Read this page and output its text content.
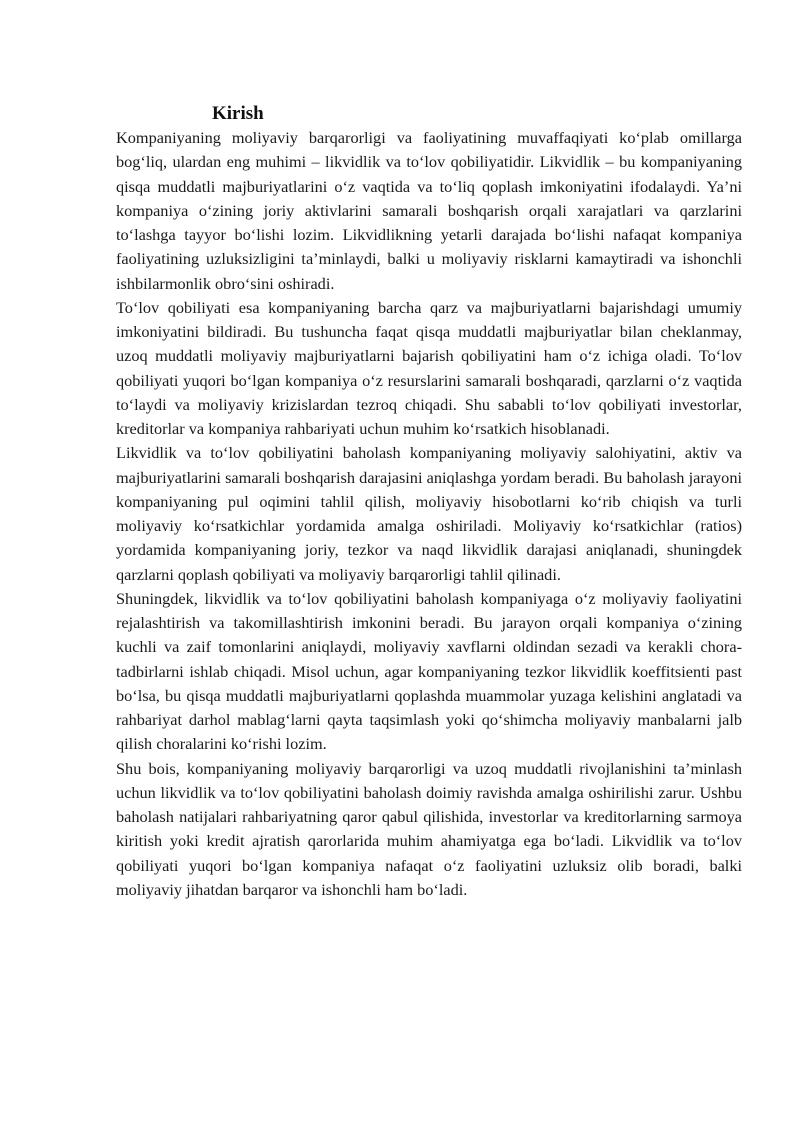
Kirish

Kompaniyaning moliyaviy barqarorligi va faoliyatining muvaffaqiyati ko‘plab omillarga bog‘liq, ulardan eng muhimi – likvidlik va to‘lov qobiliyatidir. Likvidlik – bu kompaniyaning qisqa muddatli majburiyatlarini o‘z vaqtida va to‘liq qoplash imkoniyatini ifodalaydi. Ya’ni kompaniya o‘zining joriy aktivlarini samarali boshqarish orqali xarajatlari va qarzlarini to‘lashga tayyor bo‘lishi lozim. Likvidlikning yetarli darajada bo‘lishi nafaqat kompaniya faoliyatining uzluksizligini ta’minlaydi, balki u moliyaviy risklarni kamaytiradi va ishonchli ishbilarmonlik obro‘sini oshiradi.

To‘lov qobiliyati esa kompaniyaning barcha qarz va majburiyatlarni bajarishdagi umumiy imkoniyatini bildiradi. Bu tushuncha faqat qisqa muddatli majburiyatlar bilan cheklanmay, uzoq muddatli moliyaviy majburiyatlarni bajarish qobiliyatini ham o‘z ichiga oladi. To‘lov qobiliyati yuqori bo‘lgan kompaniya o‘z resurslarini samarali boshqaradi, qarzlarni o‘z vaqtida to‘laydi va moliyaviy krizislardan tezroq chiqadi. Shu sababli to‘lov qobiliyati investorlar, kreditorlar va kompaniya rahbariyati uchun muhim ko‘rsatkich hisoblanadi.

Likvidlik va to‘lov qobiliyatini baholash kompaniyaning moliyaviy salohiyatini, aktiv va majburiyatlarini samarali boshqarish darajasini aniqlashga yordam beradi. Bu baholash jarayoni kompaniyaning pul oqimini tahlil qilish, moliyaviy hisobotlarni ko‘rib chiqish va turli moliyaviy ko‘rsatkichlar yordamida amalga oshiriladi. Moliyaviy ko‘rsatkichlar (ratios) yordamida kompaniyaning joriy, tezkor va naqd likvidlik darajasi aniqlanadi, shuningdek qarzlarni qoplash qobiliyati va moliyaviy barqarorligi tahlil qilinadi.

Shuningdek, likvidlik va to‘lov qobiliyatini baholash kompaniyaga o‘z moliyaviy faoliyatini rejalashtirish va takomillashtirish imkonini beradi. Bu jarayon orqali kompaniya o‘zining kuchli va zaif tomonlarini aniqlaydi, moliyaviy xavflarni oldindan sezadi va kerakli chora-tadbirlarni ishlab chiqadi. Misol uchun, agar kompaniyaning tezkor likvidlik koeffitsienti past bo‘lsa, bu qisqa muddatli majburiyatlarni qoplashda muammolar yuzaga kelishini anglatadi va rahbariyat darhol mablag‘larni qayta taqsimlash yoki qo‘shimcha moliyaviy manbalarni jalb qilish choralarini ko‘rishi lozim.

Shu bois, kompaniyaning moliyaviy barqarorligi va uzoq muddatli rivojlanishini ta’minlash uchun likvidlik va to‘lov qobiliyatini baholash doimiy ravishda amalga oshirilishi zarur. Ushbu baholash natijalari rahbariyatning qaror qabul qilishida, investorlar va kreditorlarning sarmoya kiritish yoki kredit ajratish qarorlarida muhim ahamiyatga ega bo‘ladi. Likvidlik va to‘lov qobiliyati yuqori bo‘lgan kompaniya nafaqat o‘z faoliyatini uzluksiz olib boradi, balki moliyaviy jihatdan barqaror va ishonchli ham bo‘ladi.
